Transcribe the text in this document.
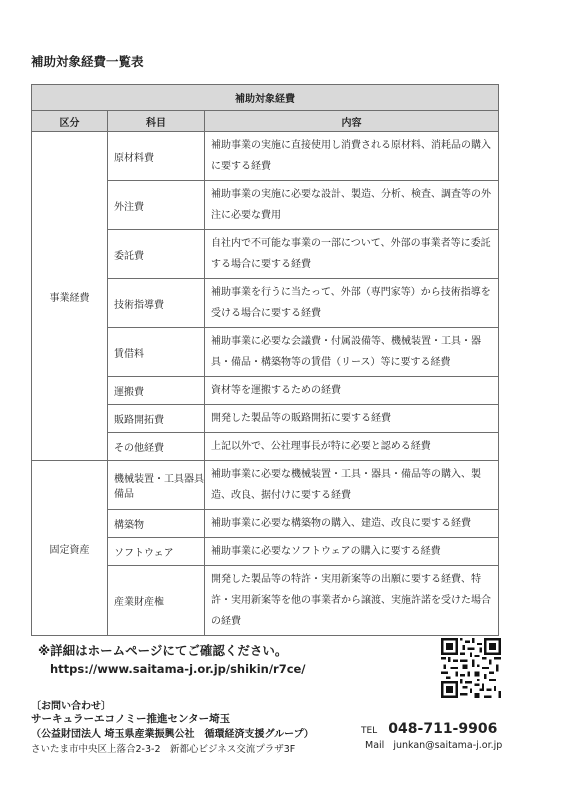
補助対象経費一覧表
補助対象経費		
区分	科目	内容
事業経費	原材料費	補助事業の実施に直接使用し消費される原材料、消耗品の購入に要する経費
	外注費	補助事業の実施に必要な設計、製造、分析、検査、調査等の外注に必要な費用
	委託費	自社内で不可能な事業の一部について、外部の事業者等に委託する場合に要する経費
	技術指導費	補助事業を行うに当たって、外部（専門家等）から技術指導を受ける場合に要する経費
	賃借料	補助事業に必要な会議費・付属設備等、機械装置・工具・器具・備品・構築物等の賃借（リース）等に要する経費
	運搬費	資材等を運搬するための経費
	販路開拓費	開発した製品等の販路開拓に要する経費
	その他経費	上記以外で、公社理事長が特に必要と認める経費
固定資産	機械装置・工具器具備品	補助事業に必要な機械装置・工具・器具・備品等の購入、製造、改良、据付けに要する経費
	構築物	補助事業に必要な構築物の購入、建造、改良に要する経費
	ソフトウェア	補助事業に必要なソフトウェアの購入に要する経費
	産業財産権	開発した製品等の特許・実用新案等の出願に要する経費、特許・実用新案等を他の事業者から譲渡、実施許諾を受けた場合の経費
※詳細はホームページにてご確認ください。
https://www.saitama-j.or.jp/shikin/r7ce/
〔お問い合わせ〕
サーキュラーエコノミー推進センター埼玉
（公益財団法人 埼玉県産業振興公社　循環経済支援グループ）
さいたま市中央区上落合2-3-2　新都心ビジネス交流プラザ3F
TEL 048-711-9906
Mail junkan@saitama-j.or.jp
